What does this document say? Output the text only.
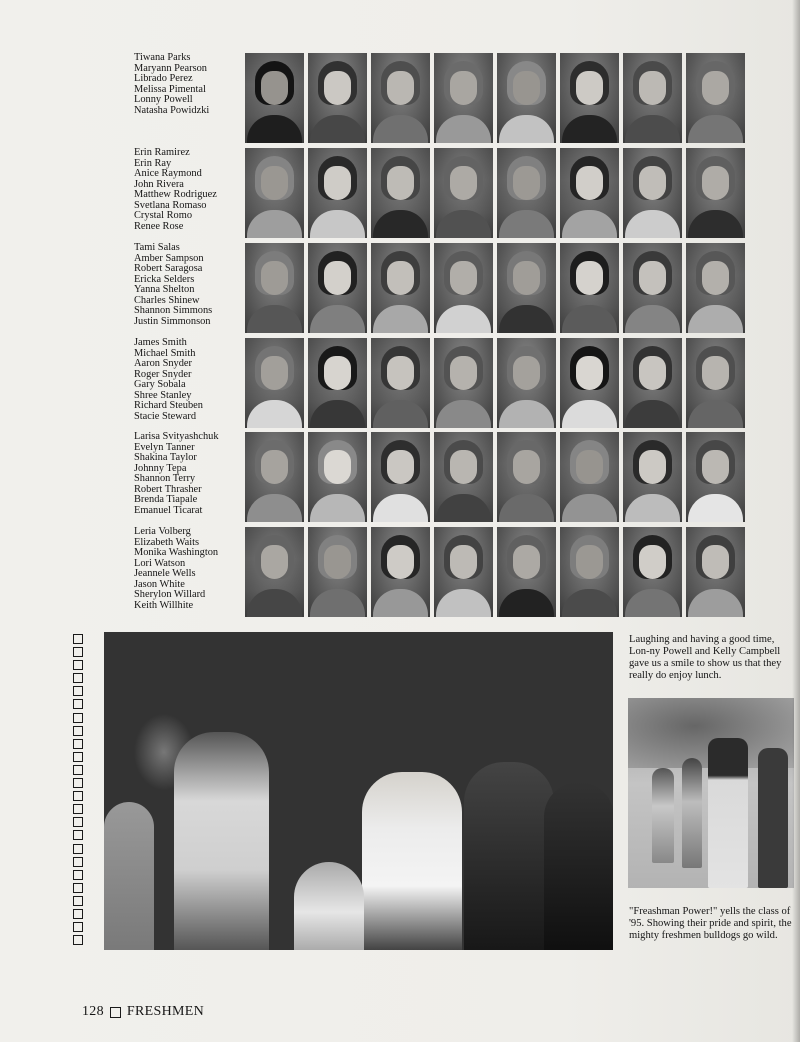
Tiwana Parks
Maryann Pearson
Librado Perez
Melissa Pimental
Lonny Powell
Natasha Powidzki
Erin Ramirez
Erin Ray
Anice Raymond
John Rivera
Matthew Rodriguez
Svetlana Romaso
Crystal Romo
Renee Rose
Tami Salas
Amber Sampson
Robert Saragosa
Ericka Selders
Yanna Shelton
Charles Shinew
Shannon Simmons
Justin Simmonson
James Smith
Michael Smith
Aaron Snyder
Roger Snyder
Gary Sobala
Shree Stanley
Richard Steuben
Stacie Steward
Larisa Svityashchuk
Evelyn Tanner
Shakina Taylor
Johnny Tepa
Shannon Terry
Robert Thrasher
Brenda Tiapale
Emanuel Ticarat
Leria Volberg
Elizabeth Waits
Monika Washington
Lori Watson
Jeannele Wells
Jason White
Sherylon Willard
Keith Willhite
Laughing and having a good time, Lon-ny Powell and Kelly Campbell gave us a smile to show us that they really do enjoy lunch.
"Freashman Power!" yells the class of '95. Showing their pride and spirit, the mighty freshmen bulldogs go wild.
128 FRESHMEN
